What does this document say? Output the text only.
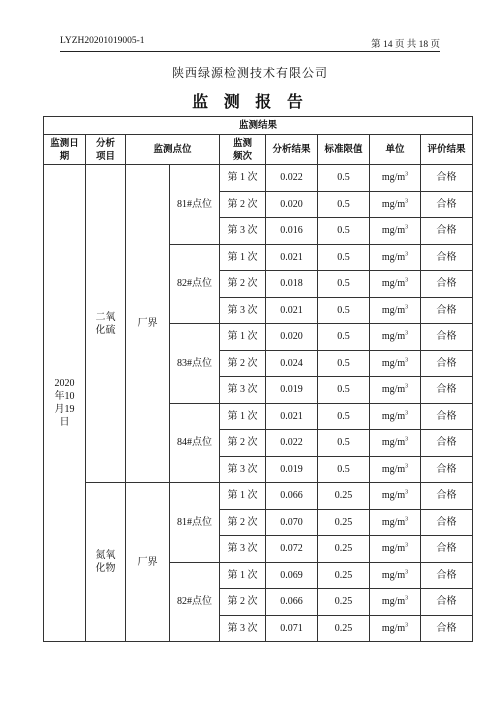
LYZH20201019005-1	第 14 页 共 18 页
陕西绿源检测技术有限公司
监 测 报 告
监测结果								
监测日期	分析项目	监测点位		监测频次	分析结果	标准限值	单位	评价结果
2020年10月19日	二氧化硫	厂界	81#点位	第 1 次	0.022	0.5	$mg/m^3$	合格
				第 2 次	0.020	0.5	$mg/m^3$	合格
				第 3 次	0.016	0.5	$mg/m^3$	合格
			82#点位	第 1 次	0.021	0.5	$mg/m^3$	合格
				第 2 次	0.018	0.5	$mg/m^3$	合格
				第 3 次	0.021	0.5	$mg/m^3$	合格
			83#点位	第 1 次	0.020	0.5	$mg/m^3$	合格
				第 2 次	0.024	0.5	$mg/m^3$	合格
				第 3 次	0.019	0.5	$mg/m^3$	合格
			84#点位	第 1 次	0.021	0.5	$mg/m^3$	合格
				第 2 次	0.022	0.5	$mg/m^3$	合格
				第 3 次	0.019	0.5	$mg/m^3$	合格
	氮氧化物	厂界	81#点位	第 1 次	0.066	0.25	$mg/m^3$	合格
				第 2 次	0.070	0.25	$mg/m^3$	合格
				第 3 次	0.072	0.25	$mg/m^3$	合格
			82#点位	第 1 次	0.069	0.25	$mg/m^3$	合格
				第 2 次	0.066	0.25	$mg/m^3$	合格
				第 3 次	0.071	0.25	$mg/m^3$	合格
